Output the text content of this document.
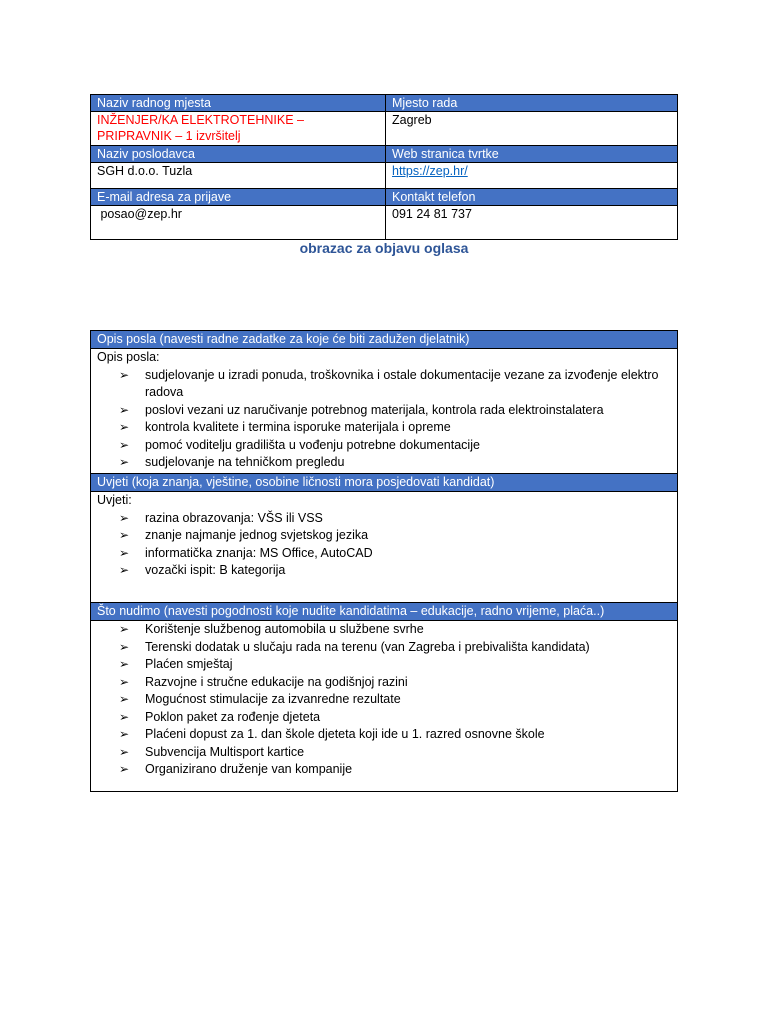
Naziv radnog mjesta	Mjesto rada
INŽENJER/KA ELEKTROTEHNIKE – PRIPRAVNIK – 1 izvršitelj	Zagreb
Naziv poslodavca	Web stranica tvrtke
SGH d.o.o. Tuzla	https://zep.hr/
E-mail adresa za prijave	Kontakt telefon
posao@zep.hr	091 24 81 737
obrazac za objavu oglasa
Opis posla (navesti radne zadatke za koje će biti zadužen djelatnik)

Opis posla:
➢ sudjelovanje u izradi ponuda, troškovnika i ostale dokumentacije vezane za izvođenje elektro radova
➢ poslovi vezani uz naručivanje potrebnog materijala, kontrola rada elektroinstalatera
➢ kontrola kvalitete i termina isporuke materijala i opreme
➢ pomoć voditelju gradilišta u vođenju potrebne dokumentacije
➢ sudjelovanje na tehničkom pregledu

Uvjeti (koja znanja, vještine, osobine ličnosti mora posjedovati kandidat)

Uvjeti:
➢ razina obrazovanja: VŠS ili VSS
➢ znanje najmanje jednog svjetskog jezika
➢ informatička znanja: MS Office, AutoCAD
➢ vozački ispit: B kategorija

Što nudimo (navesti pogodnosti koje nudite kandidatima – edukacije, radno vrijeme, plaća..)

➢ Korištenje službenog automobila u službene svrhe
➢ Terenski dodatak u slučaju rada na terenu (van Zagreba i prebivališta kandidata)
➢ Plaćen smještaj
➢ Razvojne i stručne edukacije na godišnjoj razini
➢ Mogućnost stimulacije za izvanredne rezultate
➢ Poklon paket za rođenje djeteta
➢ Plaćeni dopust za 1. dan škole djeteta koji ide u 1. razred osnovne škole
➢ Subvencija Multisport kartice
➢ Organizirano druženje van kompanije
